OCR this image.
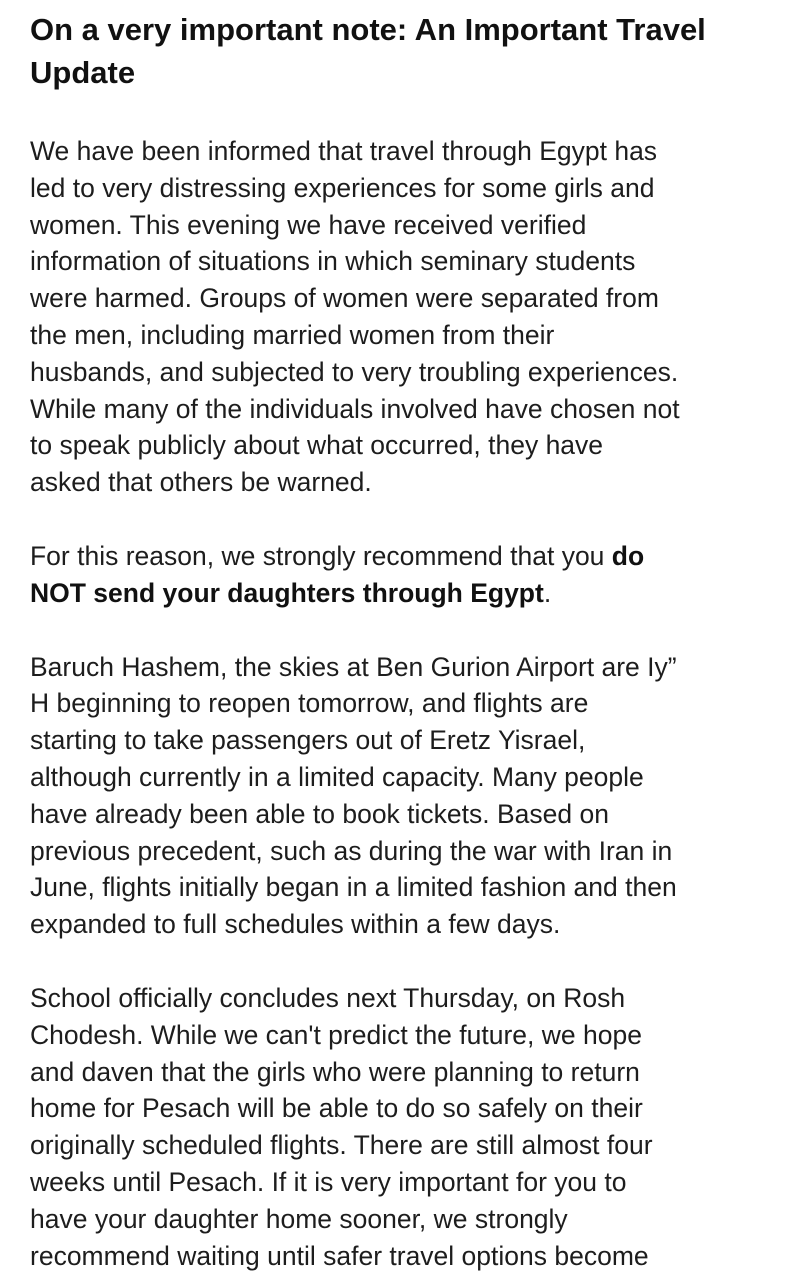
On a very important note: An Important Travel
Update

We have been informed that travel through Egypt has
led to very distressing experiences for some girls and
women. This evening we have received verified
information of situations in which seminary students
were harmed. Groups of women were separated from
the men, including married women from their
husbands, and subjected to very troubling experiences.
While many of the individuals involved have chosen not
to speak publicly about what occurred, they have
asked that others be warned.

For this reason, we strongly recommend that you do
NOT send your daughters through Egypt.

Baruch Hashem, the skies at Ben Gurion Airport are Iy”
H beginning to reopen tomorrow, and flights are
starting to take passengers out of Eretz Yisrael,
although currently in a limited capacity. Many people
have already been able to book tickets. Based on
previous precedent, such as during the war with Iran in
June, flights initially began in a limited fashion and then
expanded to full schedules within a few days.

School officially concludes next Thursday, on Rosh
Chodesh. While we can't predict the future, we hope
and daven that the girls who were planning to return
home for Pesach will be able to do so safely on their
originally scheduled flights. There are still almost four
weeks until Pesach. If it is very important for you to
have your daughter home sooner, we strongly
recommend waiting until safer travel options become
